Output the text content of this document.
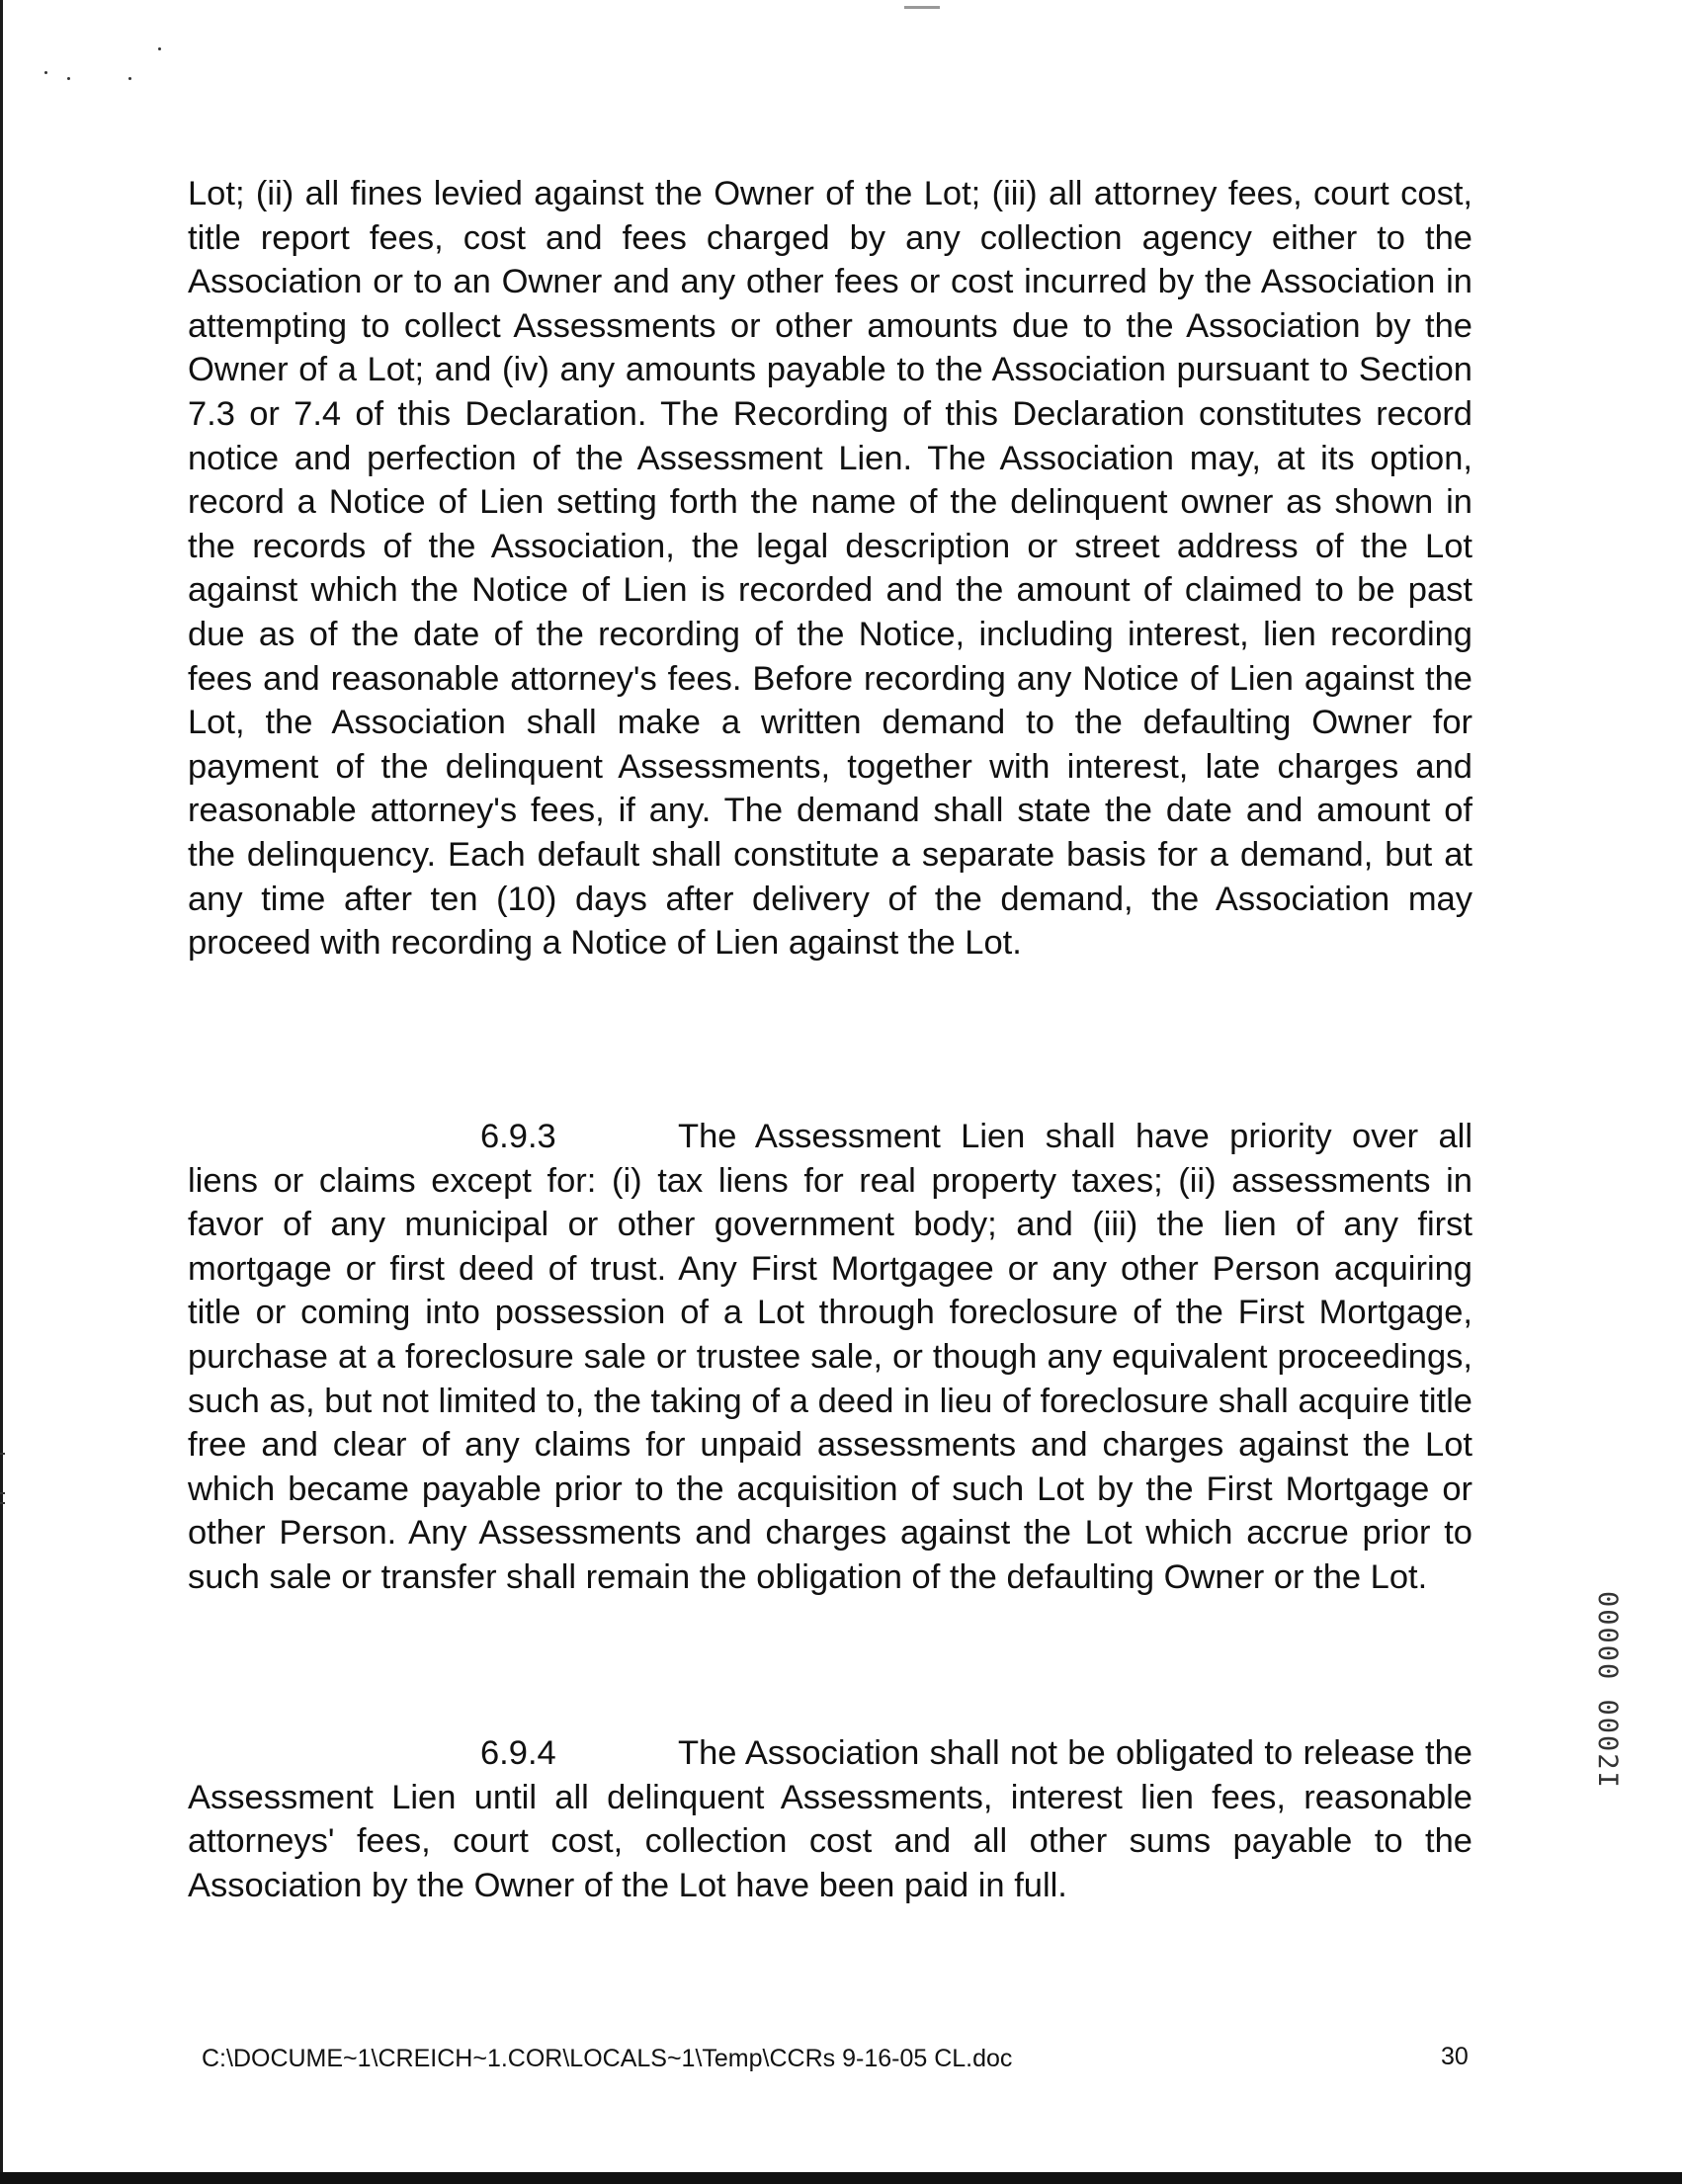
Lot; (ii) all fines levied against the Owner of the Lot; (iii) all attorney fees, court cost, title report fees, cost and fees charged by any collection agency either to the Association or to an Owner and any other fees or cost incurred by the Association in attempting to collect Assessments or other amounts due to the Association by the Owner of a Lot; and (iv) any amounts payable to the Association pursuant to Section 7.3 or 7.4 of this Declaration. The Recording of this Declaration constitutes record notice and perfection of the Assessment Lien. The Association may, at its option, record a Notice of Lien setting forth the name of the delinquent owner as shown in the records of the Association, the legal description or street address of the Lot against which the Notice of Lien is recorded and the amount of claimed to be past due as of the date of the recording of the Notice, including interest, lien recording fees and reasonable attorney's fees. Before recording any Notice of Lien against the Lot, the Association shall make a written demand to the defaulting Owner for payment of the delinquent Assessments, together with interest, late charges and reasonable attorney's fees, if any. The demand shall state the date and amount of the delinquency. Each default shall constitute a separate basis for a demand, but at any time after ten (10) days after delivery of the demand, the Association may proceed with recording a Notice of Lien against the Lot.

6.9.3	The Assessment Lien shall have priority over all liens or claims except for: (i) tax liens for real property taxes; (ii) assessments in favor of any municipal or other government body; and (iii) the lien of any first mortgage or first deed of trust. Any First Mortgagee or any other Person acquiring title or coming into possession of a Lot through foreclosure of the First Mortgage, purchase at a foreclosure sale or trustee sale, or though any equivalent proceedings, such as, but not limited to, the taking of a deed in lieu of foreclosure shall acquire title free and clear of any claims for unpaid assessments and charges against the Lot which became payable prior to the acquisition of such Lot by the First Mortgage or other Person. Any Assessments and charges against the Lot which accrue prior to such sale or transfer shall remain the obligation of the defaulting Owner or the Lot.

6.9.4	The Association shall not be obligated to release the Assessment Lien until all delinquent Assessments, interest lien fees, reasonable attorneys' fees, court cost, collection cost and all other sums payable to the Association by the Owner of the Lot have been paid in full.

C:\DOCUME~1\CREICH~1.COR\LOCALS~1\Temp\CCRs 9-16-05 CL.doc	30
00000 0002I
